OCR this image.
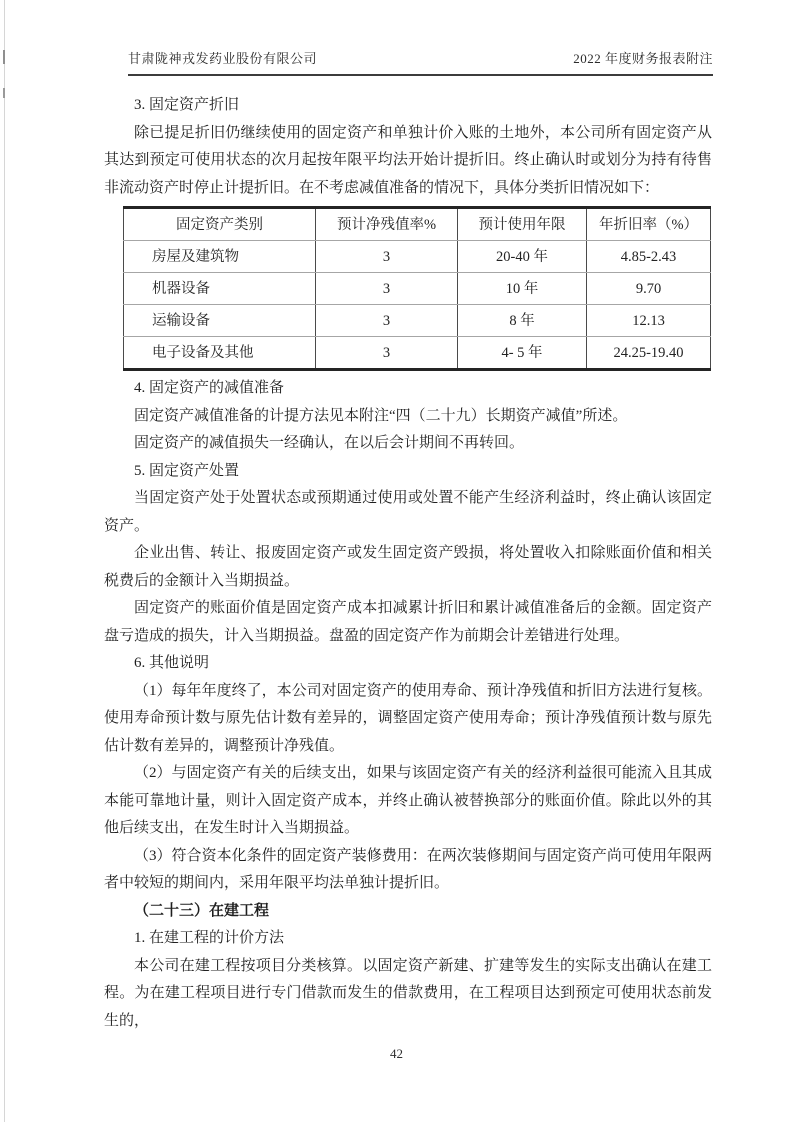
甘肃陇神戎发药业股份有限公司	2022 年度财务报表附注
3. 固定资产折旧

除已提足折旧仍继续使用的固定资产和单独计价入账的土地外，本公司所有固定资产从其达到预定可使用状态的次月起按年限平均法开始计提折旧。终止确认时或划分为持有待售非流动资产时停止计提折旧。在不考虑减值准备的情况下，具体分类折旧情况如下：

固定资产类别	预计净残值率%	预计使用年限	年折旧率（%）
房屋及建筑物	3	20-40 年	4.85-2.43
机器设备	3	10 年	9.70
运输设备	3	8 年	12.13
电子设备及其他	3	4- 5 年	24.25-19.40
4. 固定资产的减值准备

固定资产减值准备的计提方法见本附注“四（二十九）长期资产减值”所述。

固定资产的减值损失一经确认，在以后会计期间不再转回。

5. 固定资产处置

当固定资产处于处置状态或预期通过使用或处置不能产生经济利益时，终止确认该固定资产。

企业出售、转让、报废固定资产或发生固定资产毁损，将处置收入扣除账面价值和相关税费后的金额计入当期损益。

固定资产的账面价值是固定资产成本扣减累计折旧和累计减值准备后的金额。固定资产盘亏造成的损失，计入当期损益。盘盈的固定资产作为前期会计差错进行处理。

6. 其他说明

（1）每年年度终了，本公司对固定资产的使用寿命、预计净残值和折旧方法进行复核。使用寿命预计数与原先估计数有差异的，调整固定资产使用寿命；预计净残值预计数与原先估计数有差异的，调整预计净残值。

（2）与固定资产有关的后续支出，如果与该固定资产有关的经济利益很可能流入且其成本能可靠地计量，则计入固定资产成本，并终止确认被替换部分的账面价值。除此以外的其他后续支出，在发生时计入当期损益。

（3）符合资本化条件的固定资产装修费用：在两次装修期间与固定资产尚可使用年限两者中较短的期间内，采用年限平均法单独计提折旧。

（二十三）在建工程
1. 在建工程的计价方法

本公司在建工程按项目分类核算。以固定资产新建、扩建等发生的实际支出确认在建工程。为在建工程项目进行专门借款而发生的借款费用，在工程项目达到预定可使用状态前发生的，

42
